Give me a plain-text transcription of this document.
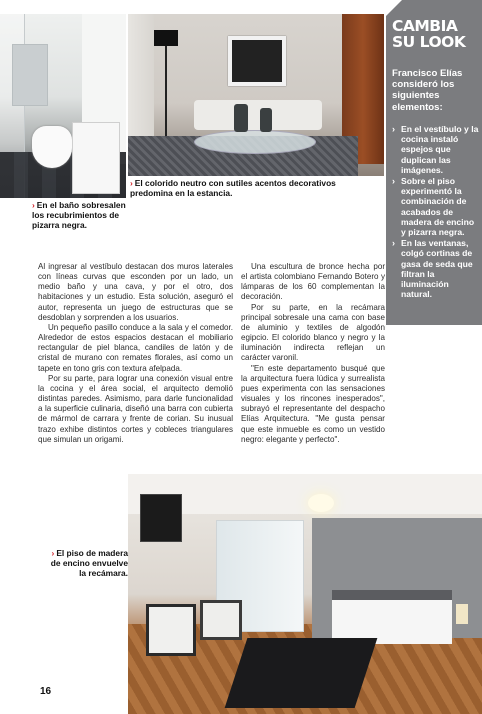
CAMBIA SU LOOK
Francisco Elías consideró los siguientes elementos:
› En el vestíbulo y la cocina instaló espejos que duplican las imágenes.
› Sobre el piso experimentó la combinación de acabados de madera de encino y pizarra negra.
› En las ventanas, colgó cortinas de gasa de seda que filtran la iluminación natural.
› En el baño sobresalen los recubrimientos de pizarra negra.
› El colorido neutro con sutiles acentos decorativos predomina en la estancia.

Al ingresar al vestíbulo destacan dos muros laterales con líneas curvas que esconden por un lado, un medio baño y una cava, y por el otro, dos habitaciones y un estudio. Esta solución, aseguró el autor, representa un juego de estructuras que se desdoblan y sorprenden a los usuarios.

Un pequeño pasillo conduce a la sala y el comedor. Alrededor de estos espacios destacan el mobiliario rectangular de piel blanca, candiles de latón y de cristal de murano con remates florales, así como un tapete en tono gris con textura afelpada.

Por su parte, para lograr una conexión visual entre la cocina y el área social, el arquitecto demolió distintas paredes. Asimismo, para darle funcionalidad a la superficie culinaria, diseñó una barra con cubierta de mármol de carrara y frente de corian. Su inusual trazo exhibe distintos cortes y cobleces triangulares que simulan un origami.

Una escultura de bronce hecha por el artista colombiano Fernando Botero y lámparas de los 60 complementan la decoración.

Por su parte, en la recámara principal sobresale una cama con base de aluminio y textiles de algodón egipcio. El colorido blanco y negro y la iluminación indirecta reflejan un carácter varonil.

"En este departamento busqué que la arquitectura fuera lúdica y surrealista pues experimenta con las sensaciones visuales y los rincones inesperados", subrayó el representante del despacho Elías Arquitectura. "Me gusta pensar que este inmueble es como un vestido negro: elegante y perfecto".

› El piso de madera de encino envuelve la recámara.
16
